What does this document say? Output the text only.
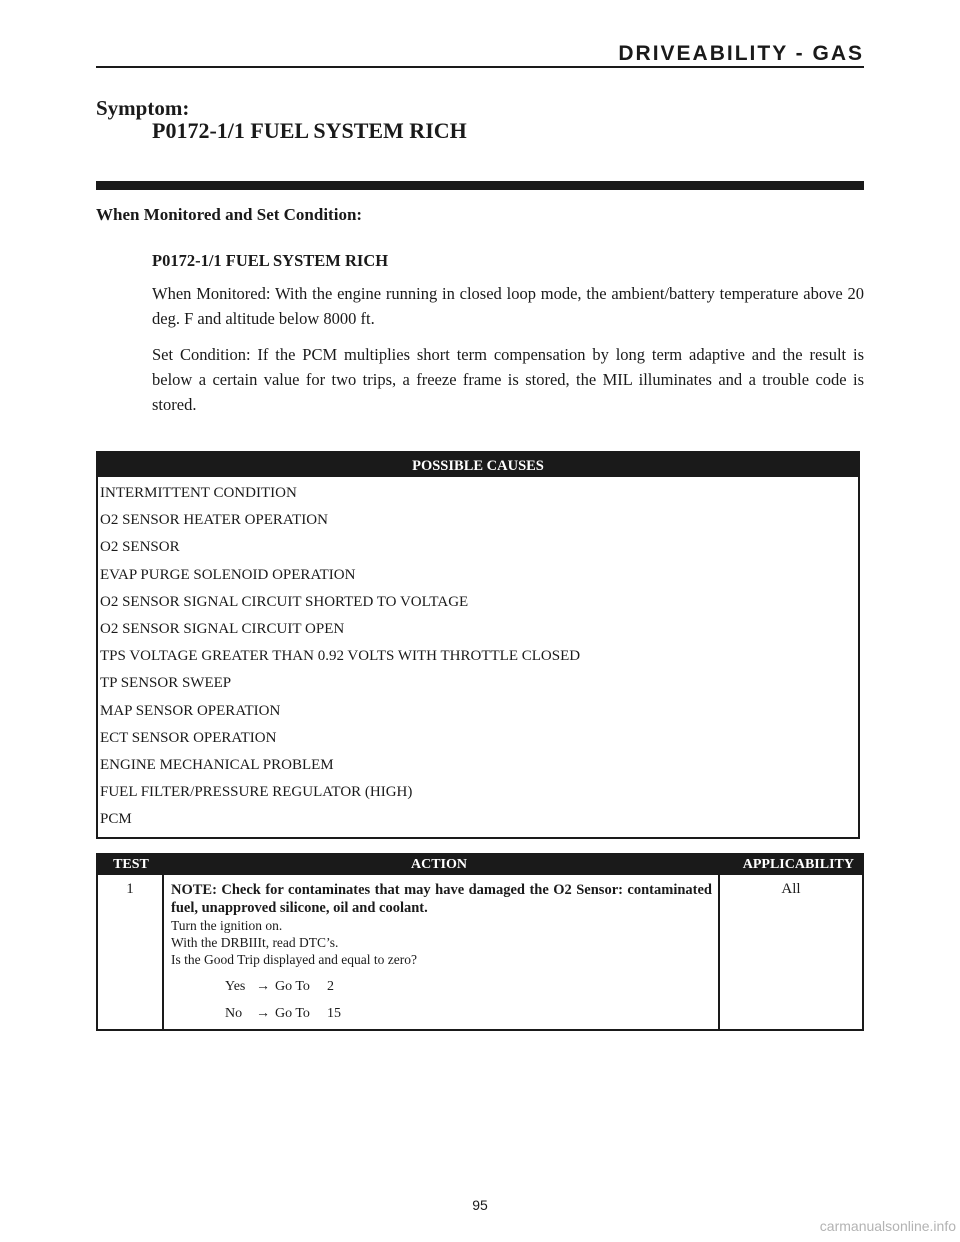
DRIVEABILITY - GAS
Symptom:
P0172-1/1 FUEL SYSTEM RICH
When Monitored and Set Condition:

P0172-1/1 FUEL SYSTEM RICH

When Monitored: With the engine running in closed loop mode, the ambient/battery temperature above 20 deg. F and altitude below 8000 ft.

Set Condition: If the PCM multiplies short term compensation by long term adaptive and the result is below a certain value for two trips, a freeze frame is stored, the MIL illuminates and a trouble code is stored.

POSSIBLE CAUSES
INTERMITTENT CONDITION
O2 SENSOR HEATER OPERATION
O2 SENSOR
EVAP PURGE SOLENOID OPERATION
O2 SENSOR SIGNAL CIRCUIT SHORTED TO VOLTAGE
O2 SENSOR SIGNAL CIRCUIT OPEN
TPS VOLTAGE GREATER THAN 0.92 VOLTS WITH THROTTLE CLOSED
TP SENSOR SWEEP
MAP SENSOR OPERATION
ECT SENSOR OPERATION
ENGINE MECHANICAL PROBLEM
FUEL FILTER/PRESSURE REGULATOR (HIGH)
PCM
TEST	ACTION	APPLICABILITY
1	NOTE: Check for contaminates that may have damaged the O2 Sensor: contaminated fuel, unapproved silicone, oil and coolant.
Turn the ignition on.
With the DRBIIIt, read DTC’s.
Is the Good Trip displayed and equal to zero?
Yes → Go To	2
No → Go To	15
All
95
carmanualsonline.info
